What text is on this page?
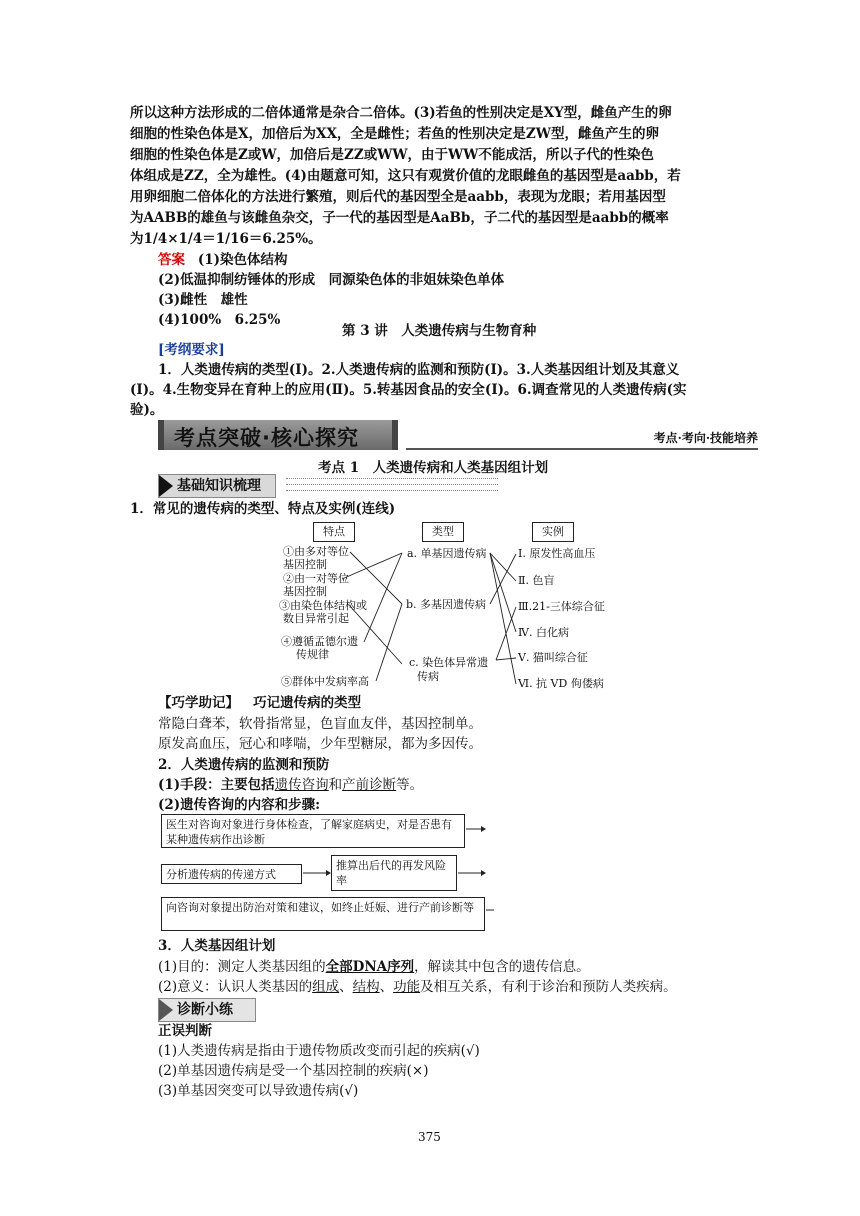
所以这种方法形成的二倍体通常是杂合二倍体。(3)若鱼的性别决定是XY型，雌鱼产生的卵
细胞的性染色体是X，加倍后为XX，全是雌性；若鱼的性别决定是ZW型，雌鱼产生的卵
细胞的性染色体是Z或W，加倍后是ZZ或WW，由于WW不能成活，所以子代的性染色
体组成是ZZ，全为雄性。(4)由题意可知，这只有观赏价值的龙眼雌鱼的基因型是aabb，若
用卵细胞二倍体化的方法进行繁殖，则后代的基因型全是aabb，表现为龙眼；若用基因型
为AABB的雄鱼与该雌鱼杂交，子一代的基因型是AaBb，子二代的基因型是aabb的概率
为1/4×1/4＝1/16＝6.25%。
答案 (1)染色体结构
(2)低温抑制纺锤体的形成　同源染色体的非姐妹染色单体
(3)雌性　雄性
(4)100%　6.25%
第 3 讲　人类遗传病与生物育种
[考纲要求]
1．人类遗传病的类型(Ⅰ)。2.人类遗传病的监测和预防(Ⅰ)。3.人类基因组计划及其意义
(Ⅰ)。4.生物变异在育种上的应用(Ⅱ)。5.转基因食品的安全(Ⅰ)。6.调查常见的人类遗传病(实
验)。
考点突破·核心探究	考点·考向·技能培养
考点 1　人类遗传病和人类基因组计划
基础知识梳理
1．常见的遗传病的类型、特点及实例(连线)
特点	类型	实例
①由多对等位
基因控制
②由一对等位
基因控制
③由染色体结构或
数目异常引起
④遵循孟德尔遗
传规律
⑤群体中发病率高
a. 单基因遗传病
b. 多基因遗传病
c. 染色体异常遗
传病
Ⅰ. 原发性高血压
Ⅱ. 色盲
Ⅲ.21-三体综合征
Ⅳ. 白化病
Ⅴ. 猫叫综合征
Ⅵ. 抗 VD 佝偻病
【巧学助记】 巧记遗传病的类型
常隐白聋苯，软骨指常显，色盲血友伴，基因控制单。
原发高血压，冠心和哮喘，少年型糖尿，都为多因传。
2．人类遗传病的监测和预防
(1)手段：主要包括遗传咨询和产前诊断等。
(2)遗传咨询的内容和步骤:
医生对咨询对象进行身体检查，了解家庭病史，对是否患有某种遗传病作出诊断
分析遗传病的传递方式
推算出后代的再发风险率
向咨询对象提出防治对策和建议，如终止妊娠、进行产前诊断等
3．人类基因组计划
(1)目的：测定人类基因组的全部DNA序列，解读其中包含的遗传信息。
(2)意义：认识人类基因的组成、结构、功能及相互关系，有利于诊治和预防人类疾病。
诊断小练
正误判断
(1)人类遗传病是指由于遗传物质改变而引起的疾病(√)
(2)单基因遗传病是受一个基因控制的疾病(×)
(3)单基因突变可以导致遗传病(√)
375
